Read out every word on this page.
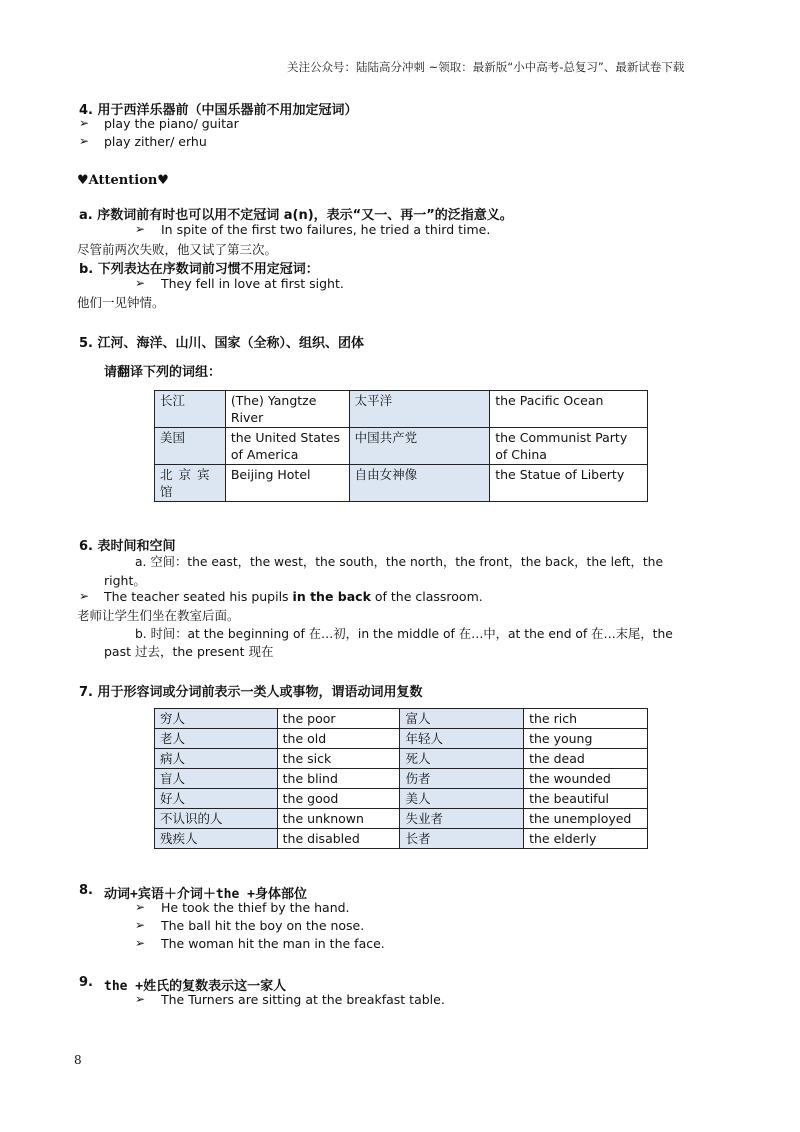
关注公众号：陆陆高分冲刺 ~领取：最新版“小中高考-总复习”、最新试卷下载
4. 用于西洋乐器前（中国乐器前不用加定冠词）
➢ play the piano/ guitar
➢ play zither/ erhu
♥Attention♥
a. 序数词前有时也可以用不定冠词 a(n)，表示“又一、再一”的泛指意义。
➢ In spite of the first two failures, he tried a third time.
尽管前两次失败，他又试了第三次。
b. 下列表达在序数词前习惯不用定冠词：
➢ They fell in love at first sight.
他们一见钟情。
5. 江河、海洋、山川、国家（全称）、组织、团体
请翻译下列的词组：
长江	(The) Yangtze River	太平洋	the Pacific Ocean
美国	the United States of America	中国共产党	the Communist Party of China
北京宾馆	Beijing Hotel	自由女神像	the Statue of Liberty
6. 表时间和空间
a. 空间：the east，the west，the south，the north，the front，the back，the left，the
right。
➢ The teacher seated his pupils in the back of the classroom.
老师让学生们坐在教室后面。
b. 时间：at the beginning of 在…初，in the middle of 在…中，at the end of 在…末尾，the
past 过去，the present 现在
7. 用于形容词或分词前表示一类人或事物，谓语动词用复数
穷人	the poor	富人	the rich
老人	the old	年轻人	the young
病人	the sick	死人	the dead
盲人	the blind	伤者	the wounded
好人	the good	美人	the beautiful
不认识的人	the unknown	失业者	the unemployed
残疾人	the disabled	长者	the elderly
8. 动词+宾语＋介词＋the +身体部位
➢ He took the thief by the hand.
➢ The ball hit the boy on the nose.
➢ The woman hit the man in the face.
9. the +姓氏的复数表示这一家人
➢ The Turners are sitting at the breakfast table.
8
